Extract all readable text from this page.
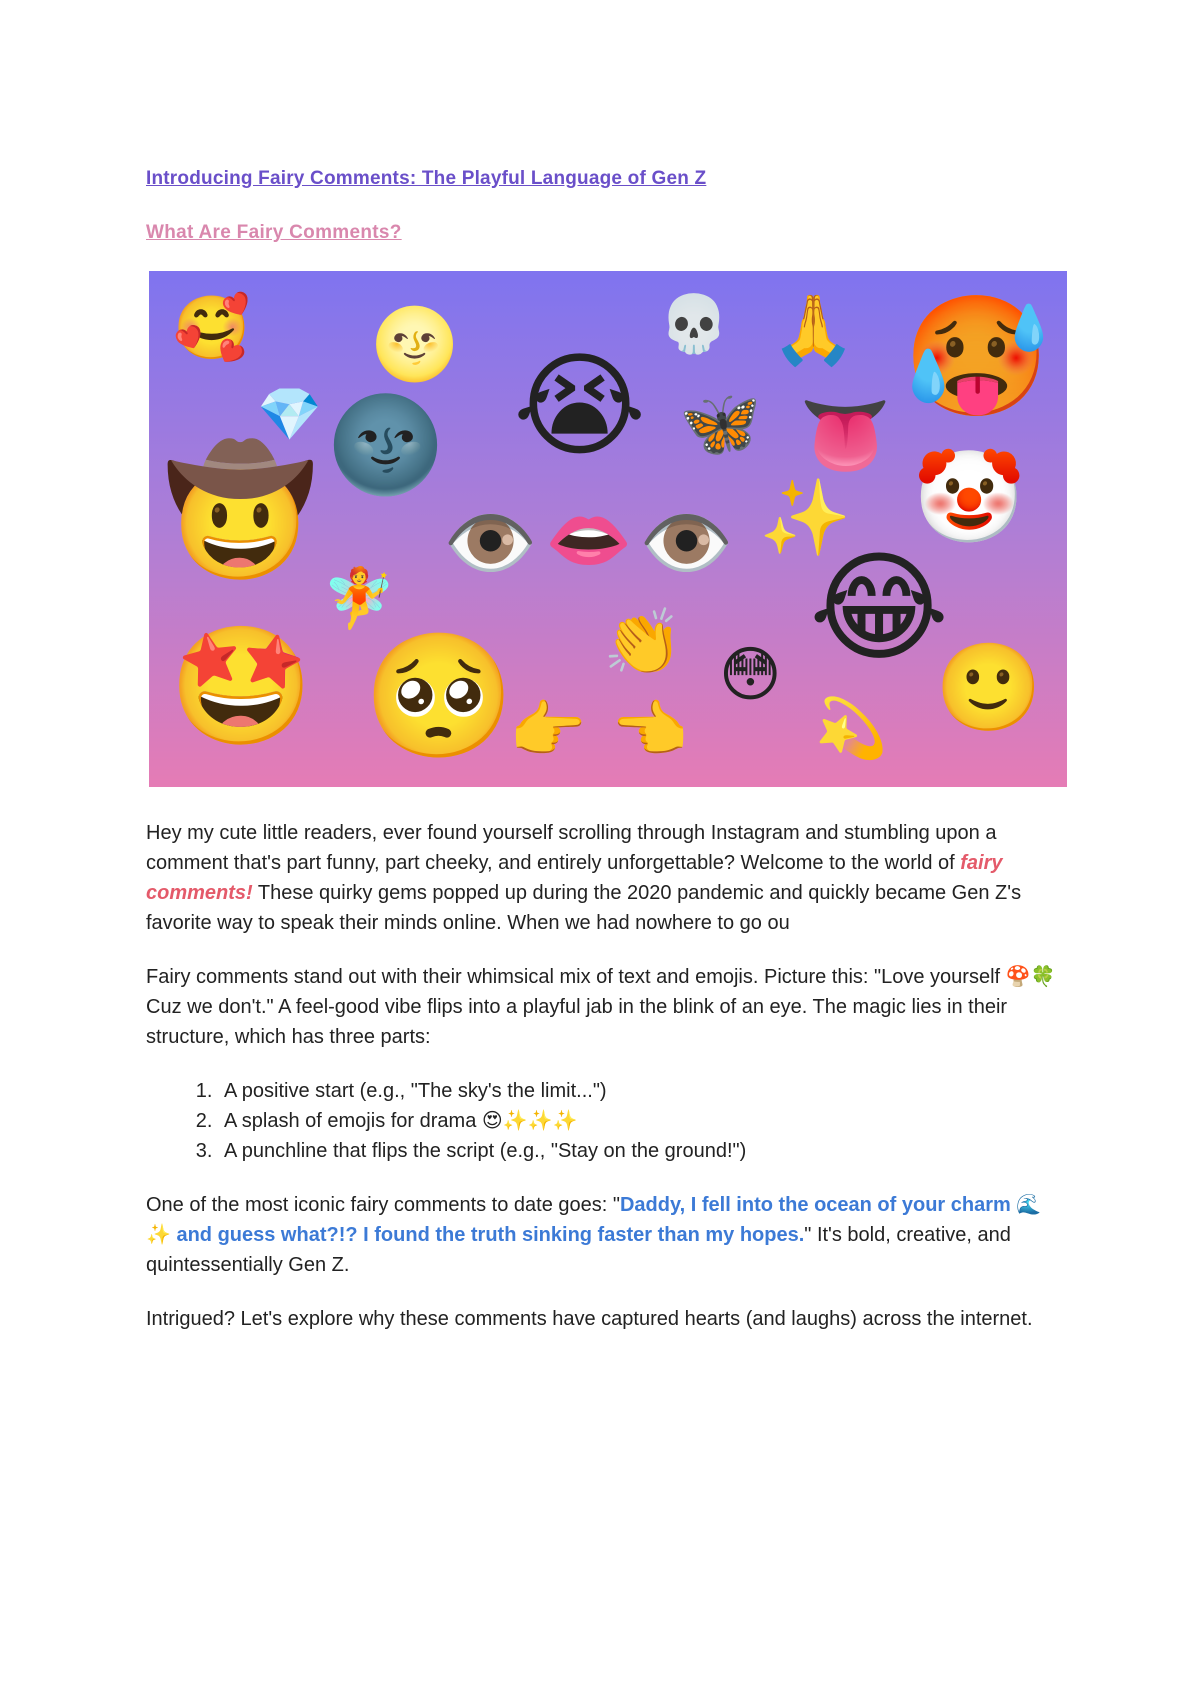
Introducing Fairy Comments: The Playful Language of Gen Z
What Are Fairy Comments?
🥰 🌝	💀 🙏 🥵
💎 🌚 😭 🦋 👅
🤠	✨ 🤡
👁️ 👄 👁️
🧚	😂
🤩 🥺 👏 😳 🙂
👉 👈 💫

Hey my cute little readers, ever found yourself scrolling through Instagram and stumbling upon a comment that's part funny, part cheeky, and entirely unforgettable? Welcome to the world of fairy comments! These quirky gems popped up during the 2020 pandemic and quickly became Gen Z's favorite way to speak their minds online. When we had nowhere to go ou

Fairy comments stand out with their whimsical mix of text and emojis. Picture this: "Love yourself 🍄🍀 Cuz we don't." A feel-good vibe flips into a playful jab in the blink of an eye. The magic lies in their structure, which has three parts:

1. A positive start (e.g., "The sky's the limit...")
2. A splash of emojis for drama 😍✨✨✨
3. A punchline that flips the script (e.g., "Stay on the ground!")

One of the most iconic fairy comments to date goes: "Daddy, I fell into the ocean of your charm 🌊✨ and guess what?!? I found the truth sinking faster than my hopes." It's bold, creative, and quintessentially Gen Z.

Intrigued? Let's explore why these comments have captured hearts (and laughs) across the internet.
